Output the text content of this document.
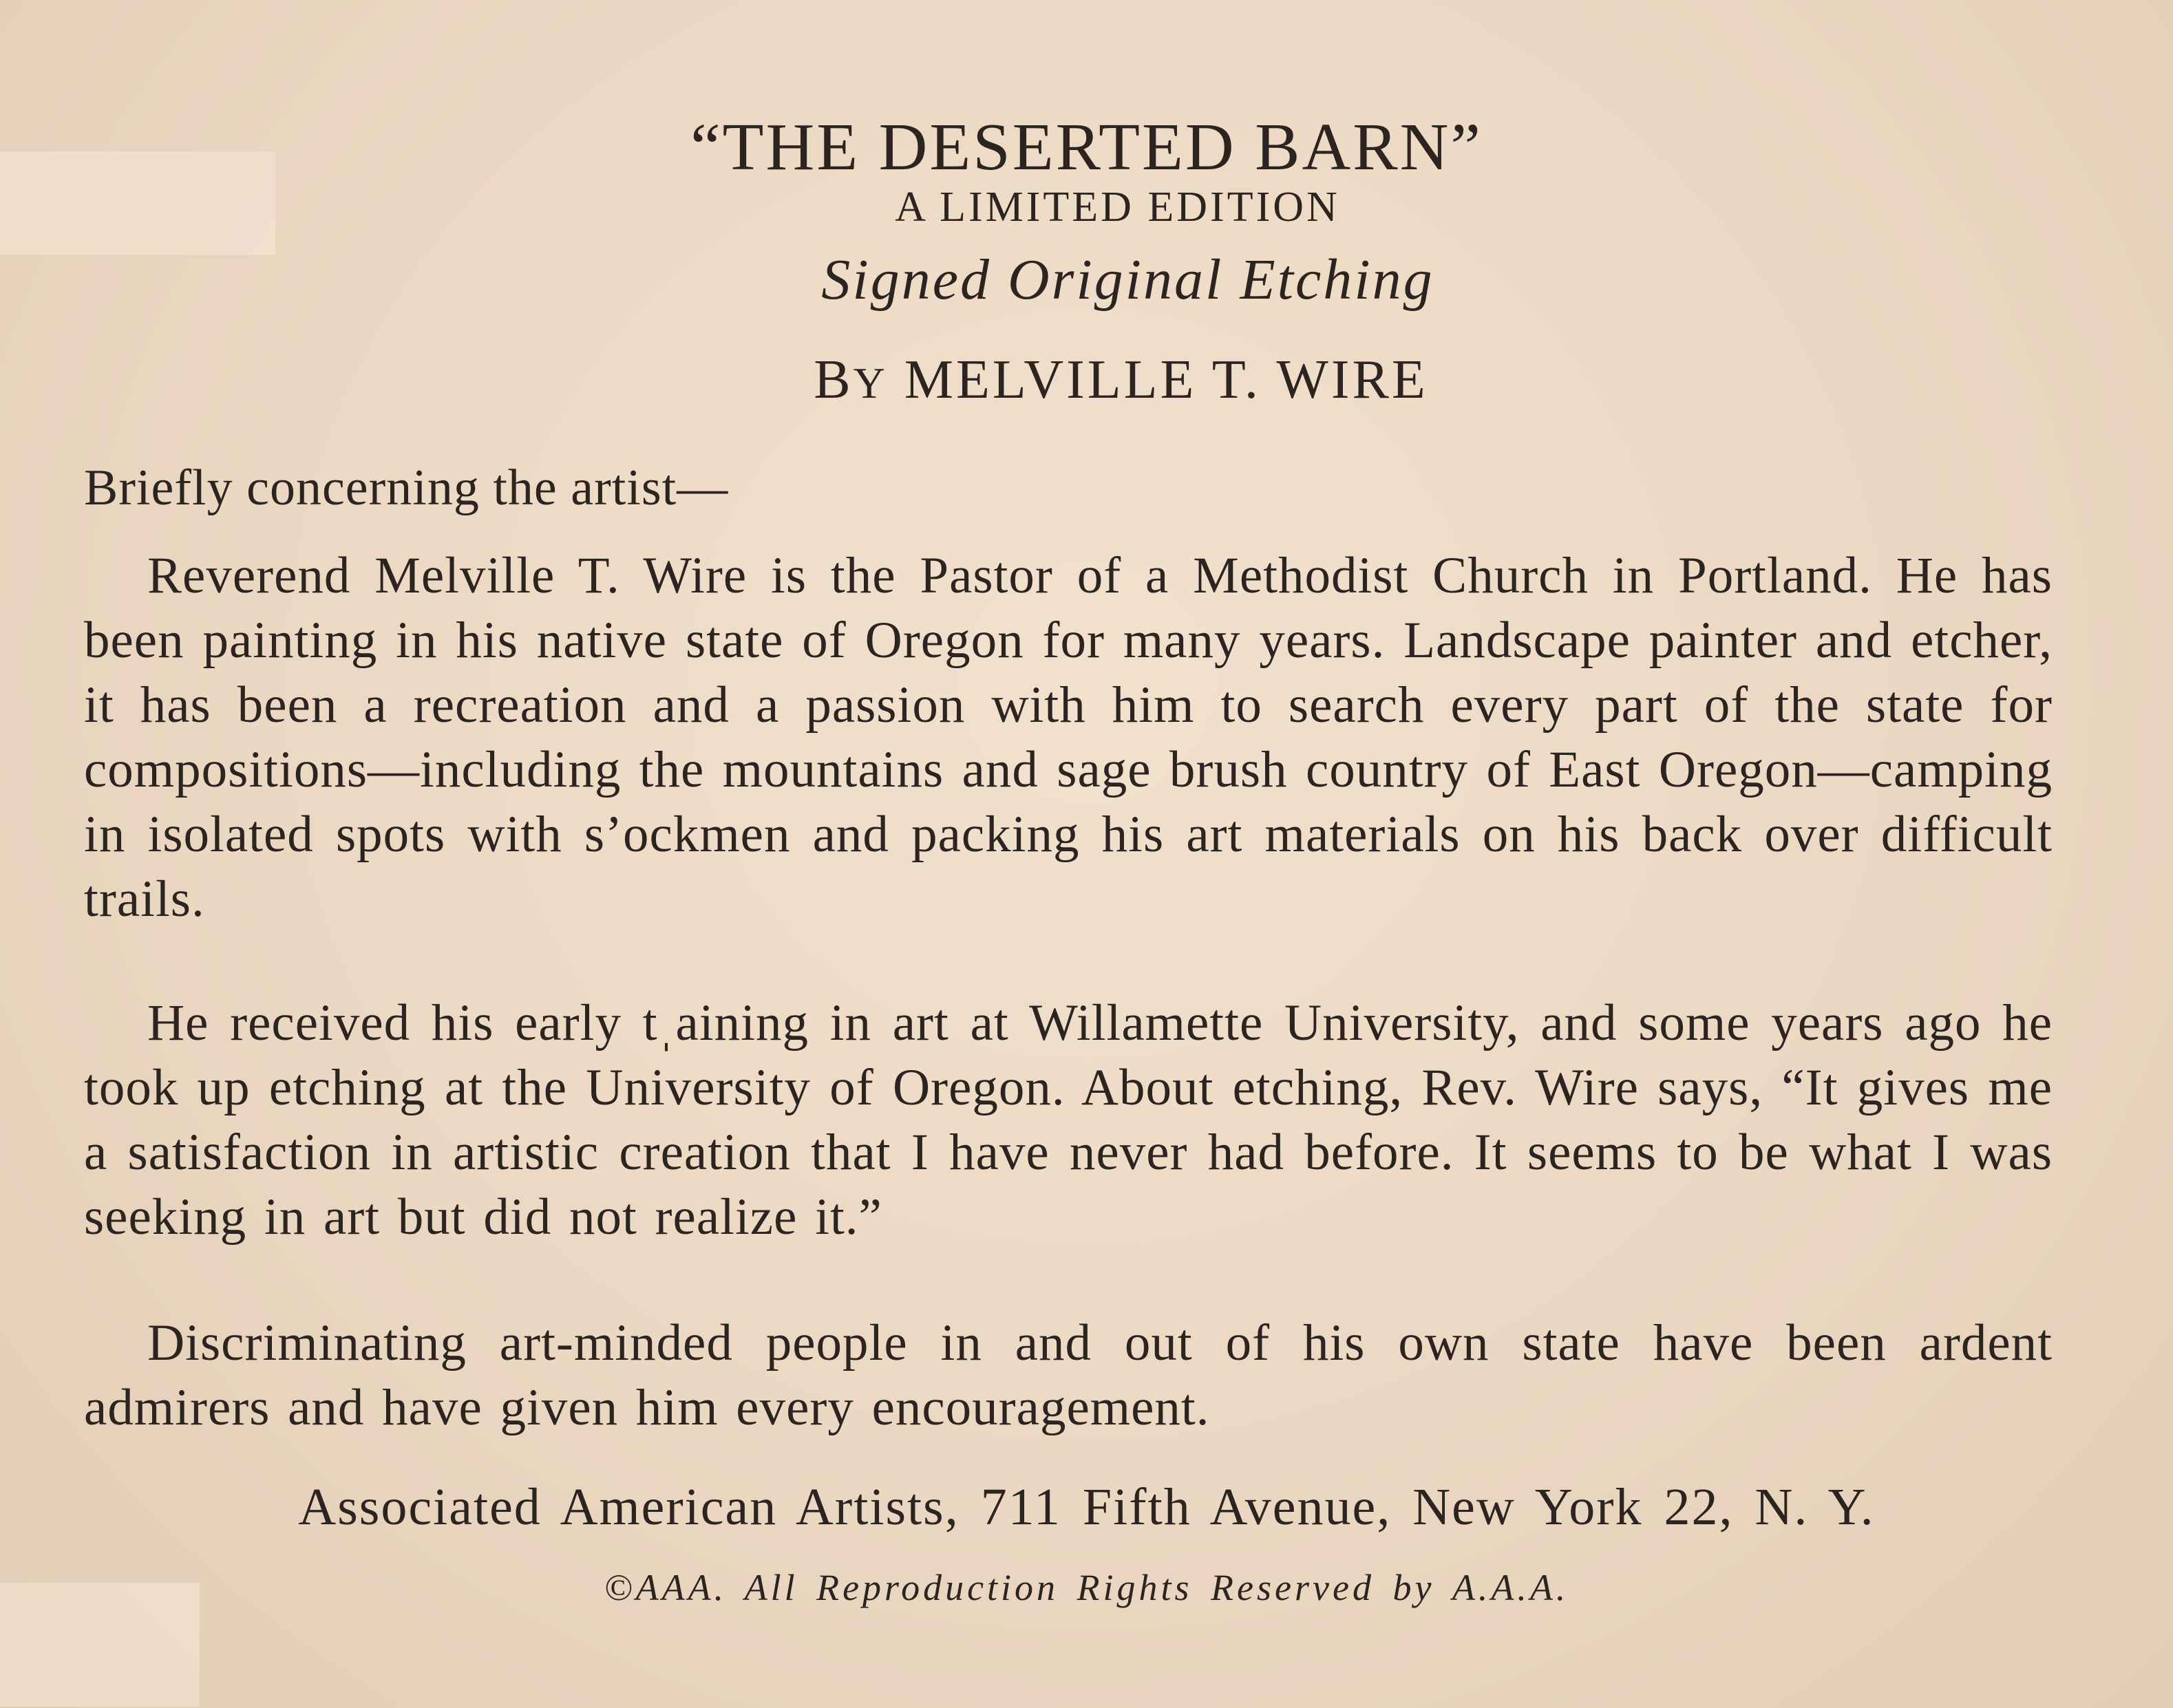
“THE DESERTED BARN”
A LIMITED EDITION
Signed Original Etching
BY MELVILLE T. WIRE
Briefly concerning the artist—

Reverend Melville T. Wire is the Pastor of a Methodist Church in Portland. He has been painting in his native state of Oregon for many years. Landscape painter and etcher, it has been a recreation and a passion with him to search every part of the state for compositions—including the mountains and sage brush country of East Oregon—camping in isolated spots with s’ockmen and packing his art materials on his back over difficult trails.

He received his early tˌaining in art at Willamette University, and some years ago he took up etching at the University of Oregon. About etching, Rev. Wire says, “It gives me a satisfaction in artistic creation that I have never had before. It seems to be what I was seeking in art but did not realize it.”

Discriminating art-minded people in and out of his own state have been ardent admirers and have given him every encouragement.

Associated American Artists, 711 Fifth Avenue, New York 22, N. Y.
©AAA. All Reproduction Rights Reserved by A.A.A.
